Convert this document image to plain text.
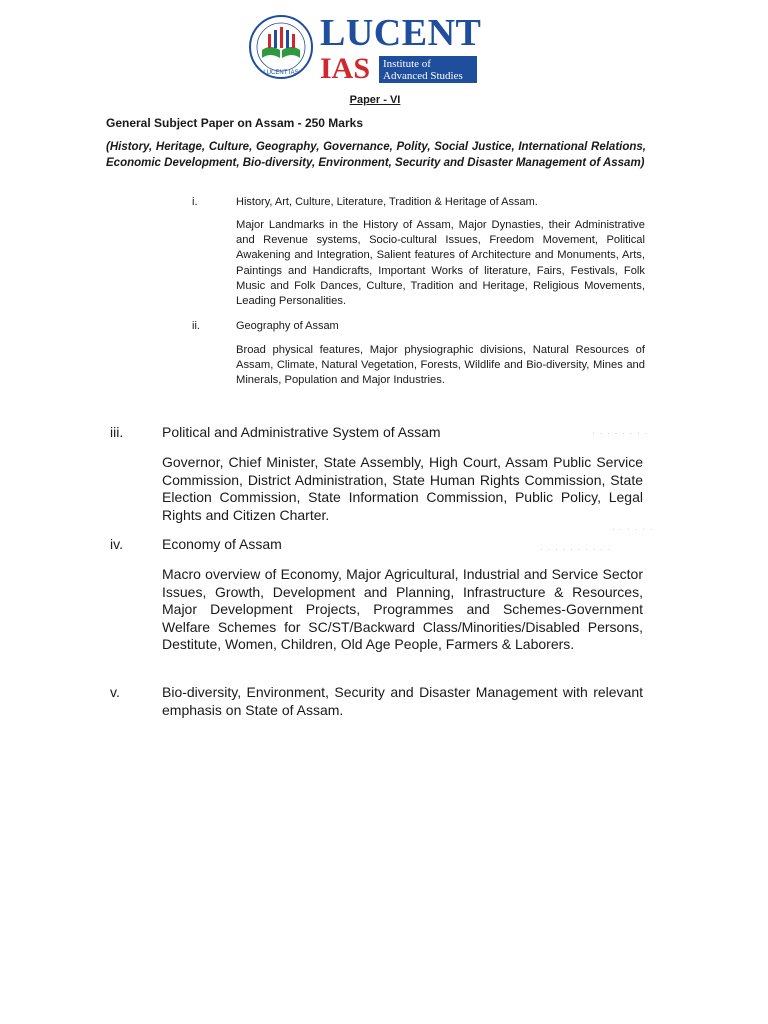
LUCENT IAS
LUCENT
IAS Institute of
Advanced Studies
Paper - VI
General Subject Paper on Assam - 250 Marks
(History, Heritage, Culture, Geography, Governance, Polity, Social Justice, International Relations, Economic Development, Bio-diversity, Environment, Security and Disaster Management of Assam)
i.	History, Art, Culture, Literature, Tradition & Heritage of Assam.
Major Landmarks in the History of Assam, Major Dynasties, their Administrative and Revenue systems, Socio-cultural Issues, Freedom Movement, Political Awakening and Integration, Salient features of Architecture and Monuments, Arts, Paintings and Handicrafts, Important Works of literature, Fairs, Festivals, Folk Music and Folk Dances, Culture, Tradition and Heritage, Religious Movements, Leading Personalities.
ii.	Geography of Assam
Broad physical features, Major physiographic divisions, Natural Resources of Assam, Climate, Natural Vegetation, Forests, Wildlife and Bio-diversity, Mines and Minerals, Population and Major Industries.
· · · · · · · ·
· · · · · ·
· · · · · · · · · ·
iii.	Political and Administrative System of Assam
Governor, Chief Minister, State Assembly, High Court, Assam Public Service Commission, District Administration, State Human Rights Commission, State Election Commission, State Information Commission, Public Policy, Legal Rights and Citizen Charter.
iv.	Economy of Assam
Macro overview of Economy, Major Agricultural, Industrial and Service Sector Issues, Growth, Development and Planning, Infrastructure & Resources, Major Development Projects, Programmes and Schemes-Government Welfare Schemes for SC/ST/Backward Class/Minorities/Disabled Persons, Destitute, Women, Children, Old Age People, Farmers & Laborers.
v.	Bio-diversity, Environment, Security and Disaster Management with relevant emphasis on State of Assam.
